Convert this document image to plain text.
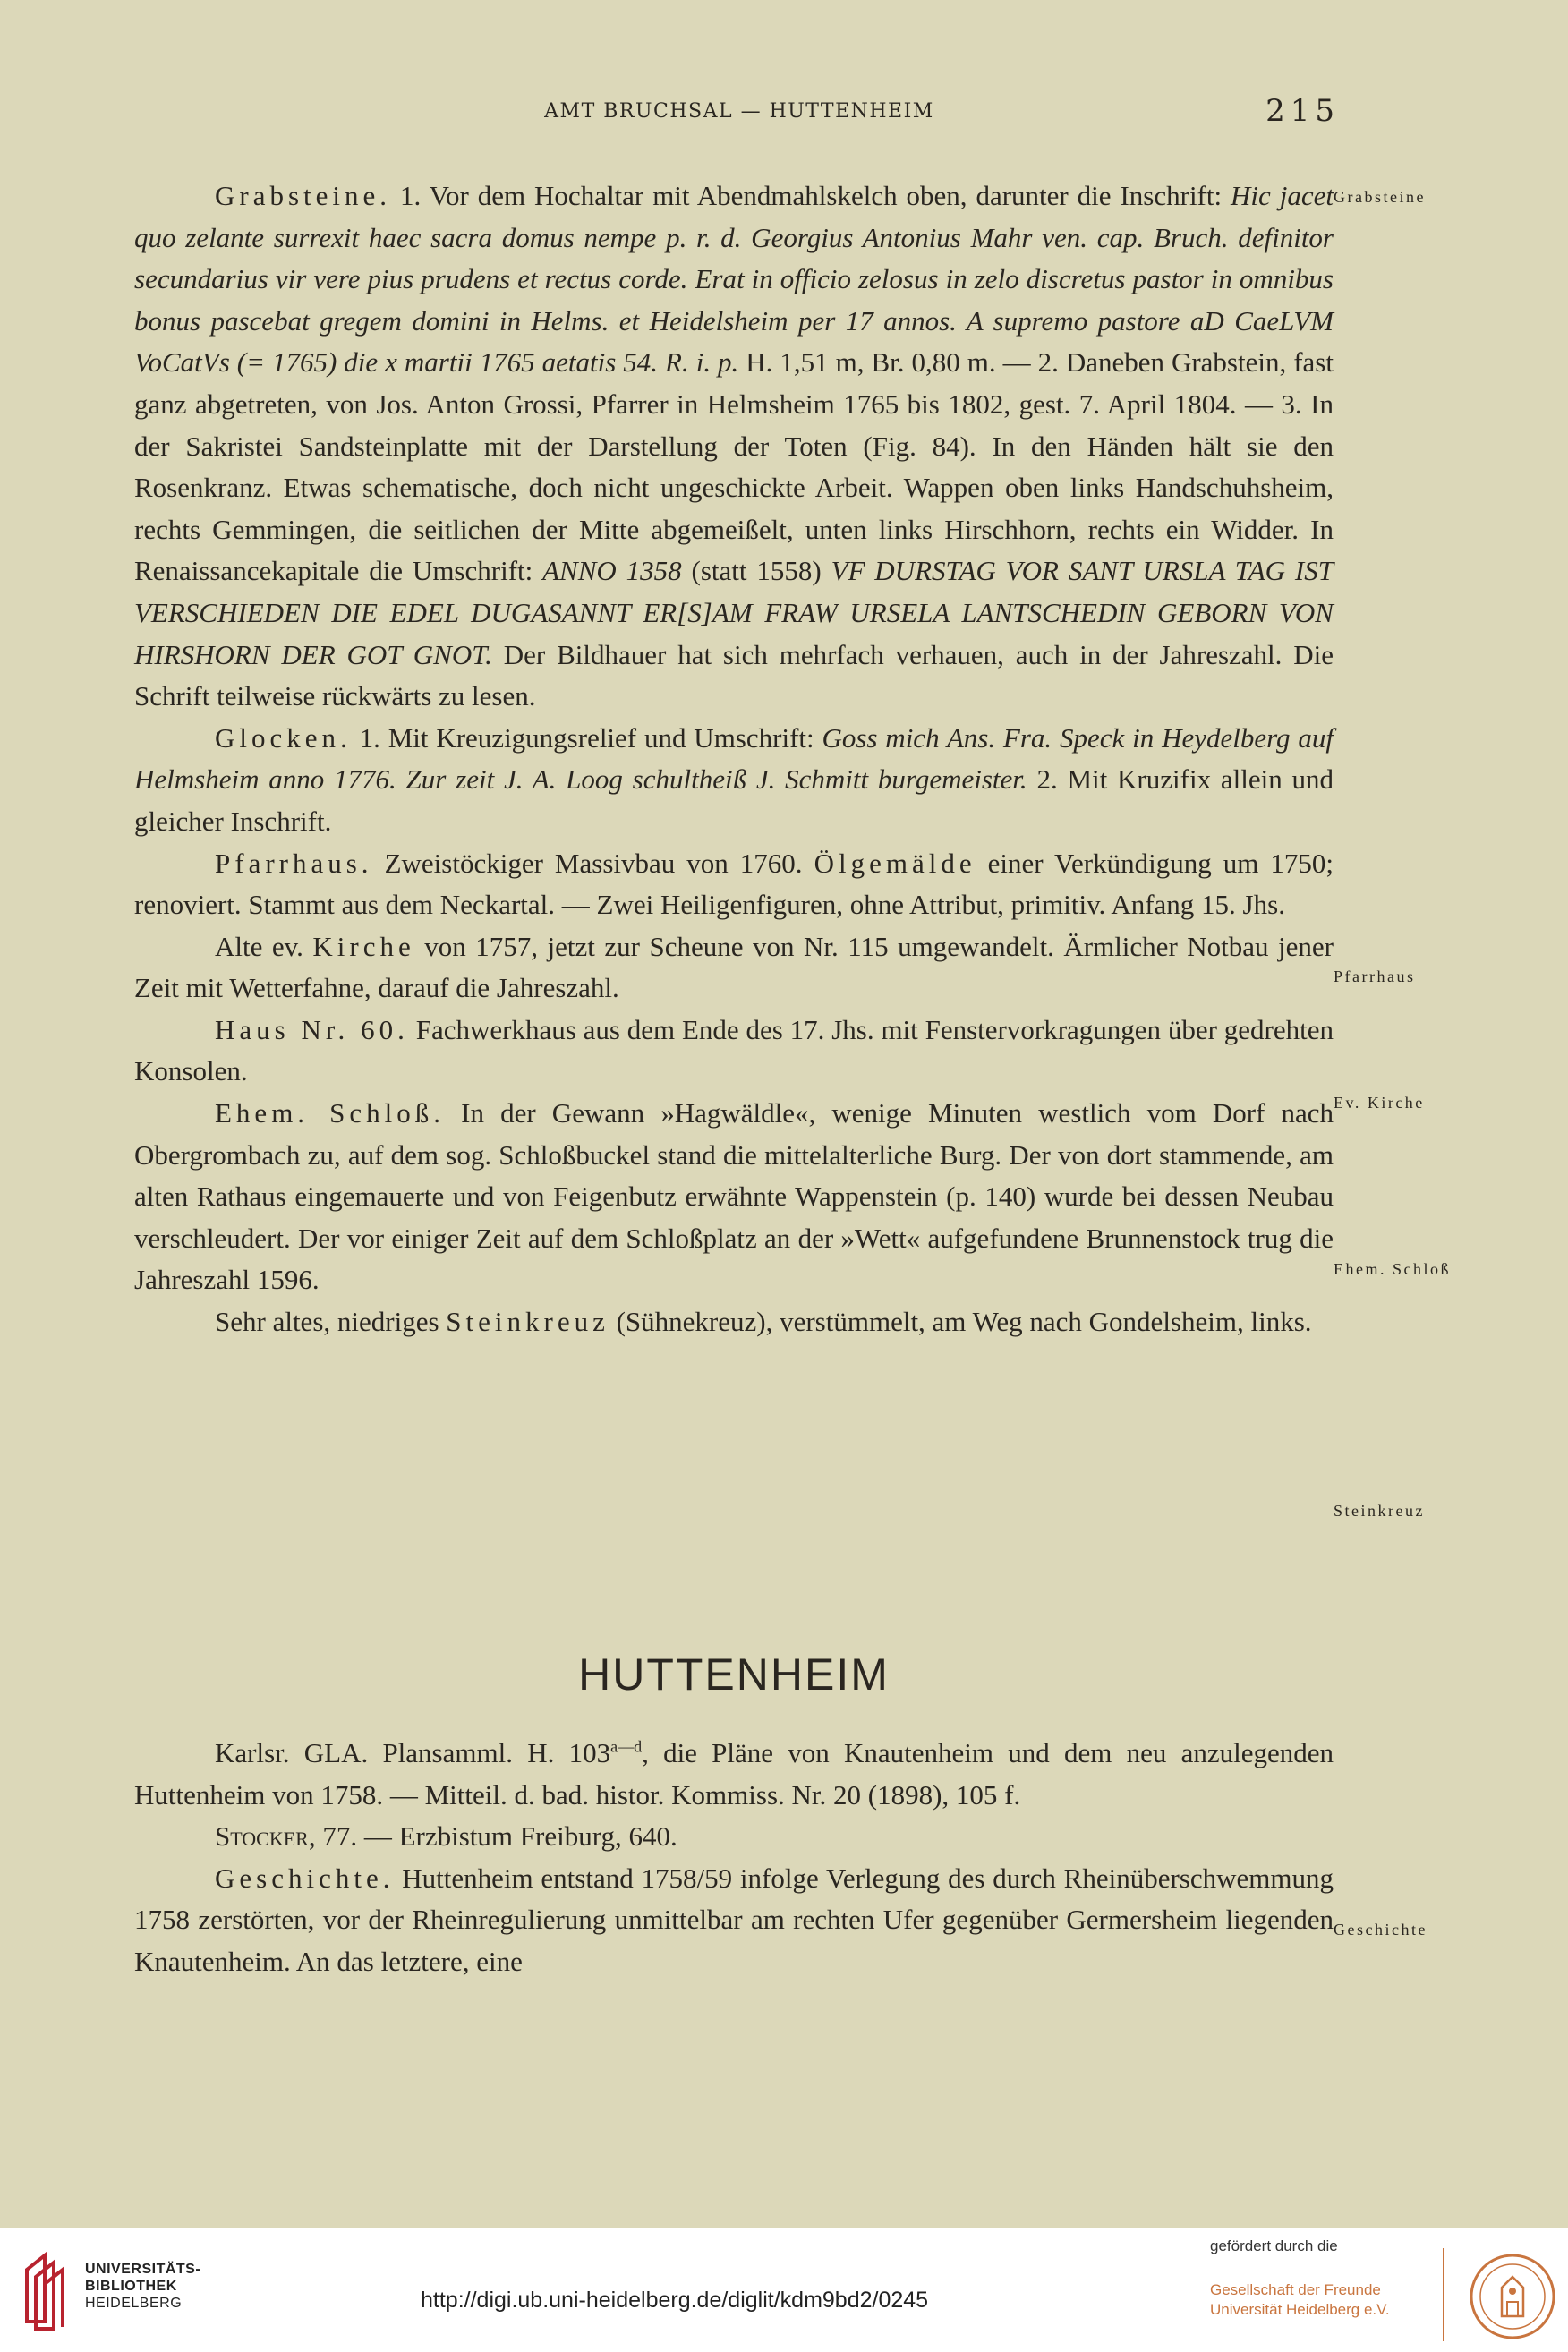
AMT BRUCHSAL — HUTTENHEIM	215
Grabsteine
Pfarrhaus
Ev. Kirche
Ehem. Schloß
Steinkreuz
Geschichte

Grabsteine. 1. Vor dem Hochaltar mit Abendmahlskelch oben, darunter die Inschrift: Hic jacet quo zelante surrexit haec sacra domus nempe p. r. d. Georgius Antonius Mahr ven. cap. Bruch. definitor secundarius vir vere pius prudens et rectus corde. Erat in officio zelosus in zelo discretus pastor in omnibus bonus pascebat gregem domini in Helms. et Heidelsheim per 17 annos. A supremo pastore aD CaeLVM VoCatVs (= 1765) die x martii 1765 aetatis 54. R. i. p. H. 1,51 m, Br. 0,80 m. — 2. Daneben Grabstein, fast ganz abgetreten, von Jos. Anton Grossi, Pfarrer in Helmsheim 1765 bis 1802, gest. 7. April 1804. — 3. In der Sakristei Sandsteinplatte mit der Darstellung der Toten (Fig. 84). In den Händen hält sie den Rosenkranz. Etwas schematische, doch nicht ungeschickte Arbeit. Wappen oben links Handschuhsheim, rechts Gemmingen, die seitlichen der Mitte abgemeißelt, unten links Hirschhorn, rechts ein Widder. In Renaissancekapitale die Umschrift: ANNO 1358 (statt 1558) VF DURSTAG VOR SANT URSLA TAG IST VERSCHIEDEN DIE EDEL DUGASANNT ER[S]AM FRAW URSELA LANTSCHEDIN GEBORN VON HIRSHORN DER GOT GNOT. Der Bildhauer hat sich mehrfach verhauen, auch in der Jahreszahl. Die Schrift teilweise rückwärts zu lesen.

Glocken. 1. Mit Kreuzigungsrelief und Umschrift: Goss mich Ans. Fra. Speck in Heydelberg auf Helmsheim anno 1776. Zur zeit J. A. Loog schultheiß J. Schmitt burgemeister. 2. Mit Kruzifix allein und gleicher Inschrift.

Pfarrhaus. Zweistöckiger Massivbau von 1760. Ölgemälde einer Verkündigung um 1750; renoviert. Stammt aus dem Neckartal. — Zwei Heiligenfiguren, ohne Attribut, primitiv. Anfang 15. Jhs.

Alte ev. Kirche von 1757, jetzt zur Scheune von Nr. 115 umgewandelt. Ärmlicher Notbau jener Zeit mit Wetterfahne, darauf die Jahreszahl.

Haus Nr. 60. Fachwerkhaus aus dem Ende des 17. Jhs. mit Fenstervorkragungen über gedrehten Konsolen.

Ehem. Schloß. In der Gewann »Hagwäldle«, wenige Minuten westlich vom Dorf nach Obergrombach zu, auf dem sog. Schloßbuckel stand die mittelalterliche Burg. Der von dort stammende, am alten Rathaus eingemauerte und von Feigenbutz erwähnte Wappenstein (p. 140) wurde bei dessen Neubau verschleudert. Der vor einiger Zeit auf dem Schloßplatz an der »Wett« aufgefundene Brunnenstock trug die Jahreszahl 1596.

Sehr altes, niedriges Steinkreuz (Sühnekreuz), verstümmelt, am Weg nach Gondelsheim, links.

HUTTENHEIM

Karlsr. GLA. Plansamml. H. $103^{a—d}$, die Pläne von Knautenheim und dem neu anzulegenden Huttenheim von 1758. — Mitteil. d. bad. histor. Kommiss. Nr. 20 (1898), 105 f.

Stocker, 77. — Erzbistum Freiburg, 640.

Geschichte. Huttenheim entstand 1758/59 infolge Verlegung des durch Rheinüberschwemmung 1758 zerstörten, vor der Rheinregulierung unmittelbar am rechten Ufer gegenüber Germersheim liegenden Knautenheim. An das letztere, eine

UNIVERSITÄTS-
BIBLIOTHEK
HEIDELBERG	http://digi.ub.uni-heidelberg.de/diglit/kdm9bd2/0245
gefördert durch die
Gesellschaft der Freunde
Universität Heidelberg e.V.
